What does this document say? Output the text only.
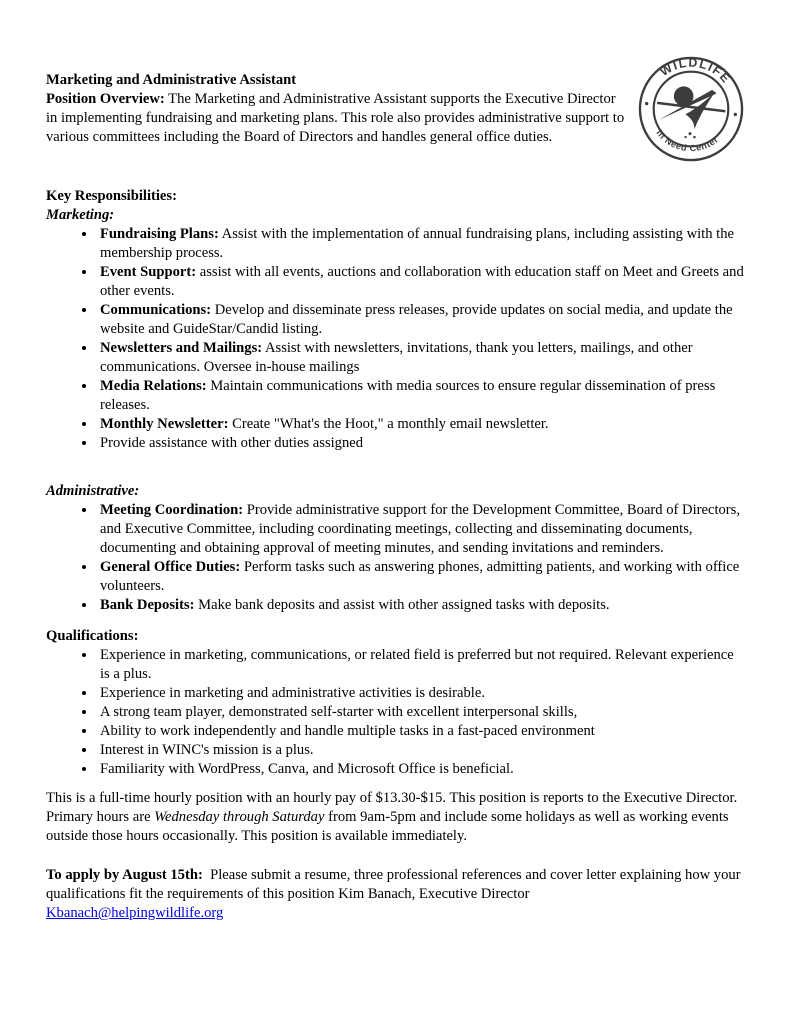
WILDLIFE
In Need Center
Marketing and Administrative Assistant

Position Overview: The Marketing and Administrative Assistant supports the Executive Director in implementing fundraising and marketing plans. This role also provides administrative support to various committees including the Board of Directors and handles general office duties.

Key Responsibilities:
Marketing:
• Fundraising Plans: Assist with the implementation of annual fundraising plans, including assisting with the membership process.
• Event Support: assist with all events, auctions and collaboration with education staff on Meet and Greets and other events.
• Communications: Develop and disseminate press releases, provide updates on social media, and update the website and GuideStar/Candid listing.
• Newsletters and Mailings: Assist with newsletters, invitations, thank you letters, mailings, and other communications. Oversee in-house mailings
• Media Relations: Maintain communications with media sources to ensure regular dissemination of press releases.
• Monthly Newsletter: Create "What's the Hoot," a monthly email newsletter.
• Provide assistance with other duties assigned
Administrative:
• Meeting Coordination: Provide administrative support for the Development Committee, Board of Directors, and Executive Committee, including coordinating meetings, collecting and disseminating documents, documenting and obtaining approval of meeting minutes, and sending invitations and reminders.
• General Office Duties: Perform tasks such as answering phones, admitting patients, and working with office volunteers.
• Bank Deposits: Make bank deposits and assist with other assigned tasks with deposits.
Qualifications:
• Experience in marketing, communications, or related field is preferred but not required. Relevant experience is a plus.
• Experience in marketing and administrative activities is desirable.
• A strong team player, demonstrated self-starter with excellent interpersonal skills,
• Ability to work independently and handle multiple tasks in a fast-paced environment
• Interest in WINC's mission is a plus.
• Familiarity with WordPress, Canva, and Microsoft Office is beneficial.

This is a full-time hourly position with an hourly pay of $13.30-$15. This position is reports to the Executive Director. Primary hours are Wednesday through Saturday from 9am-5pm and include some holidays as well as working events outside those hours occasionally. This position is available immediately.

To apply by August 15th:  Please submit a resume, three professional references and cover letter explaining how your qualifications fit the requirements of this position Kim Banach, Executive Director

Kbanach@helpingwildlife.org
